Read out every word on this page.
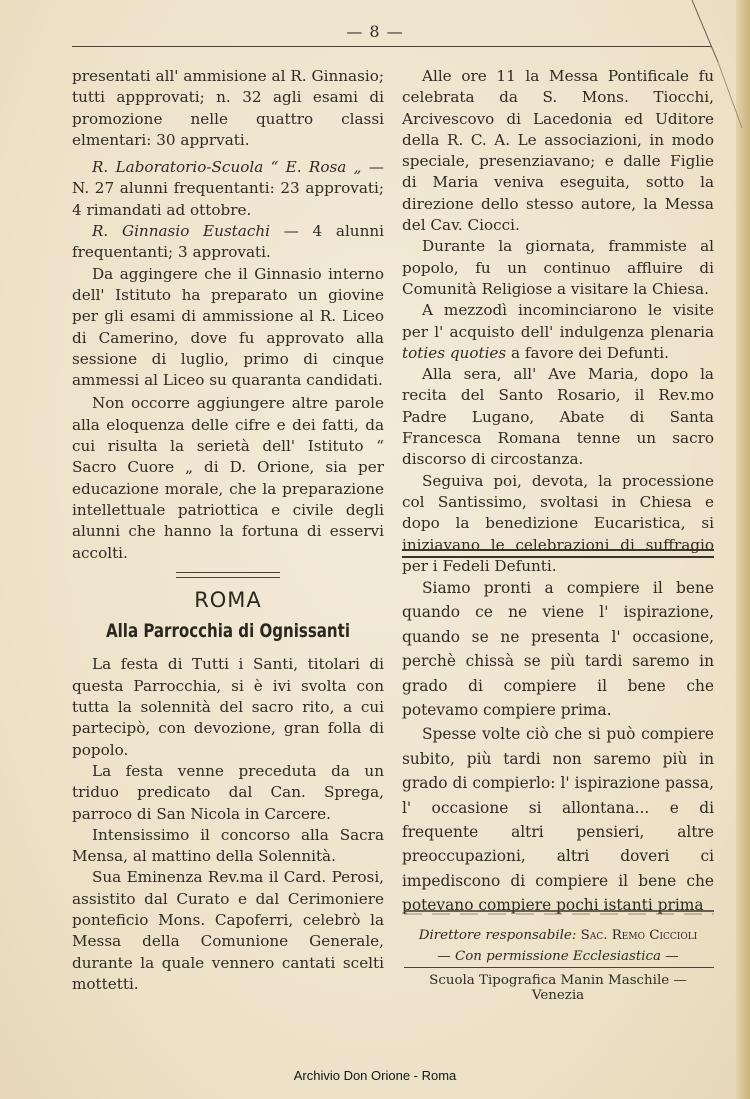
— 8 —

presentati all' ammisione al R. Ginnasio; tutti appprovati; n. 32 agli esami di promozione nelle quattro classi elmentari: 30 apprvati.

R. Laboratorio-Scuola “ E. Rosa „ — N. 27 alunni frequentanti: 23 approvati; 4 rimandati ad ottobre.

R. Ginnasio Eustachi — 4 alunni frequentanti; 3 approvati.

Da aggingere che il Ginnasio interno dell' Istituto ha preparato un giovine per gli esami di ammissione al R. Liceo di Camerino, dove fu approvato alla sessione di luglio, primo di cinque ammessi al Liceo su quaranta candidati.

Non occorre aggiungere altre parole alla eloquenza delle cifre e dei fatti, da cui risulta la serietà dell' Istituto “ Sacro Cuore „ di D. Orione, sia per educazione morale, che la preparazione intellettuale patriottica e civile degli alunni che hanno la fortuna di esservi accolti.

ROMA
Alla Parrocchia di Ognissanti

La festa di Tutti i Santi, titolari di questa Parrocchia, si è ivi svolta con tutta la solennità del sacro rito, a cui partecipò, con devozione, gran folla di popolo.

La festa venne preceduta da un triduo predicato dal Can. Sprega, parroco di San Nicola in Carcere.

Intensissimo il concorso alla Sacra Mensa, al mattino della Solennità.

Sua Eminenza Rev.ma il Card. Perosi, assistito dal Curato e dal Cerimoniere ponteficio Mons. Capoferri, celebrò la Messa della Comunione Generale, durante la quale vennero cantati scelti mottetti.

Alle ore 11 la Messa Pontificale fu celebrata da S. Mons. Tiocchi, Arcivescovo di Lacedonia ed Uditore della R. C. A. Le associazioni, in modo speciale, presenziavano; e dalle Figlie di Maria veniva eseguita, sotto la direzione dello stesso autore, la Messa del Cav. Ciocci.

Durante la giornata, frammiste al popolo, fu un continuo affluire di Comunità Religiose a visitare la Chiesa.

A mezzodì incominciarono le visite per l' acquisto dell' indulgenza plenaria toties quoties a favore dei Defunti.

Alla sera, all' Ave Maria, dopo la recita del Santo Rosario, il Rev.mo Padre Lugano, Abate di Santa Francesca Romana tenne un sacro discorso di circostanza.

Seguiva poi, devota, la processione col Santissimo, svoltasi in Chiesa e dopo la benedizione Eucaristica, si iniziavano le celebrazioni di suffragio per i Fedeli Defunti.

Siamo pronti a compiere il bene quando ce ne viene l' ispirazione, quando se ne presenta l' occasione, perchè chissà se più tardi saremo in grado di compiere il bene che potevamo compiere prima.

Spesse volte ciò che si può compiere subito, più tardi non saremo più in grado di compierlo: l' ispirazione passa, l' occasione si allontana... e di frequente altri pensieri, altre preoccupazioni, altri doveri ci impediscono di compiere il bene che potevano compiere pochi istanti prima

Direttore responsabile: Sac. Remo Ciccioli
— Con permissione Ecclesiastica —
Scuola Tipografica Manin Maschile — Venezia
Archivio Don Orione - Roma
